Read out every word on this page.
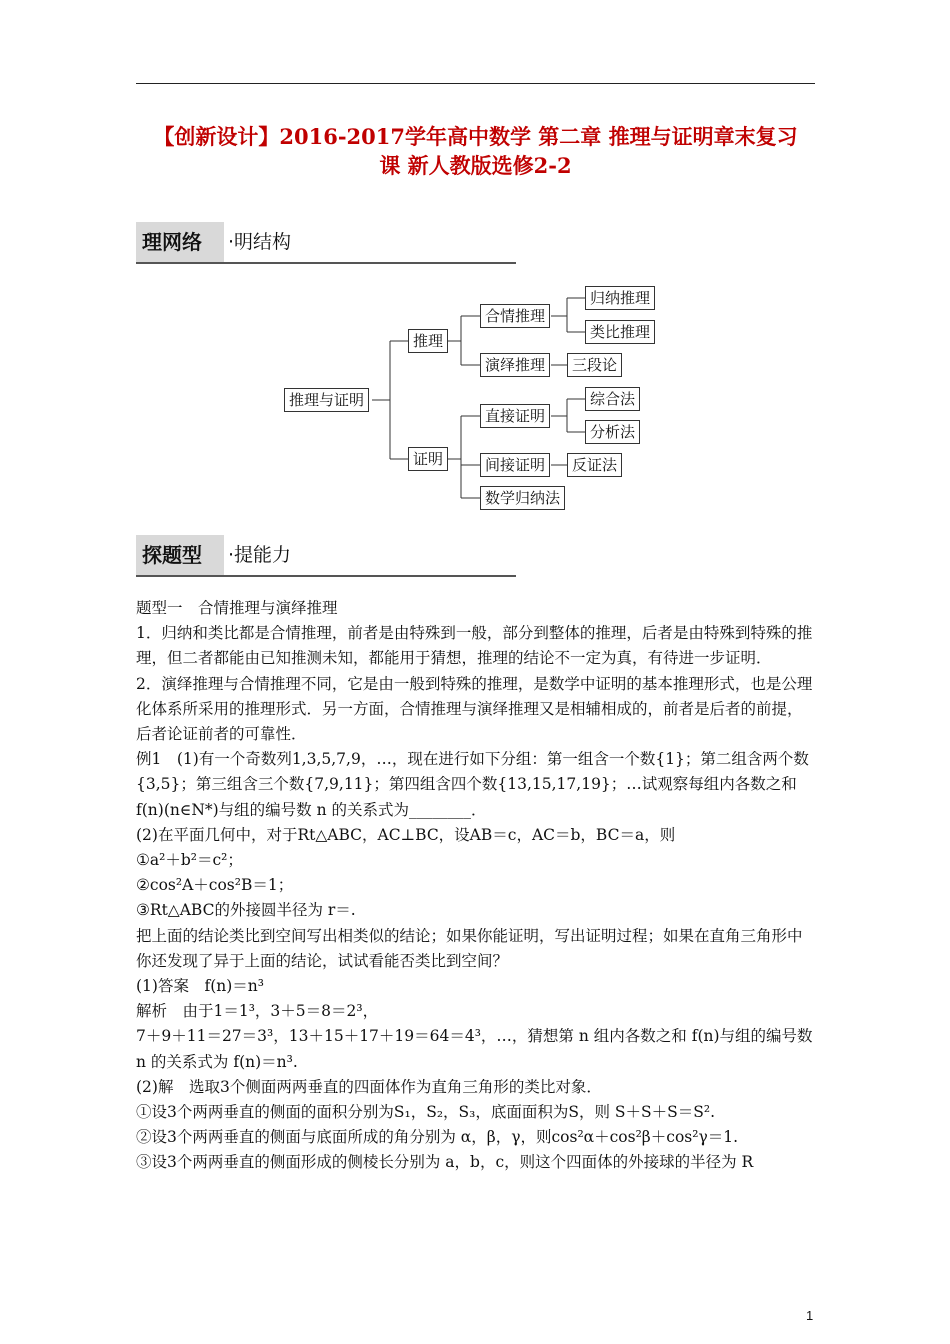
【创新设计】2016-2017学年高中数学 第二章 推理与证明章末复习
课 新人教版选修2-2
理网络	·明结构
推理与证明
推理
证明
合情推理
演绎推理
归纳推理
类比推理
三段论
直接证明
间接证明
数学归纳法
综合法
分析法
反证法
探题型	·提能力

题型一　合情推理与演绎推理

1．归纳和类比都是合情推理，前者是由特殊到一般，部分到整体的推理，后者是由特殊到特殊的推理，但二者都能由已知推测未知，都能用于猜想，推理的结论不一定为真，有待进一步证明．

2．演绎推理与合情推理不同，它是由一般到特殊的推理，是数学中证明的基本推理形式，也是公理化体系所采用的推理形式．另一方面，合情推理与演绎推理又是相辅相成的，前者是后者的前提，后者论证前者的可靠性．

例1　(1)有一个奇数列1,3,5,7,9，…，现在进行如下分组：第一组含一个数{1}；第二组含两个数{3,5}；第三组含三个数{7,9,11}；第四组含四个数{13,15,17,19}；…试观察每组内各数之和 f(n)(n∈N*)与组的编号数 n 的关系式为________．

(2)在平面几何中，对于Rt△ABC，AC⊥BC，设AB＝c，AC＝b，BC＝a，则

①a²＋b²＝c²；

②cos²A＋cos²B＝1；

③Rt△ABC的外接圆半径为 r＝.

把上面的结论类比到空间写出相类似的结论；如果你能证明，写出证明过程；如果在直角三角形中你还发现了异于上面的结论，试试看能否类比到空间？

(1)答案　f(n)＝n³

解析　由于1＝1³，3＋5＝8＝2³，

7＋9＋11＝27＝3³，13＋15＋17＋19＝64＝4³，…，猜想第 n 组内各数之和 f(n)与组的编号数 n 的关系式为 f(n)＝n³.

(2)解　选取3个侧面两两垂直的四面体作为直角三角形的类比对象．

①设3个两两垂直的侧面的面积分别为S₁，S₂，S₃，底面面积为S，则 S＋S＋S＝S².

②设3个两两垂直的侧面与底面所成的角分别为 α，β，γ，则cos²α＋cos²β＋cos²γ＝1.

③设3个两两垂直的侧面形成的侧棱长分别为 a，b，c，则这个四面体的外接球的半径为 R

1
